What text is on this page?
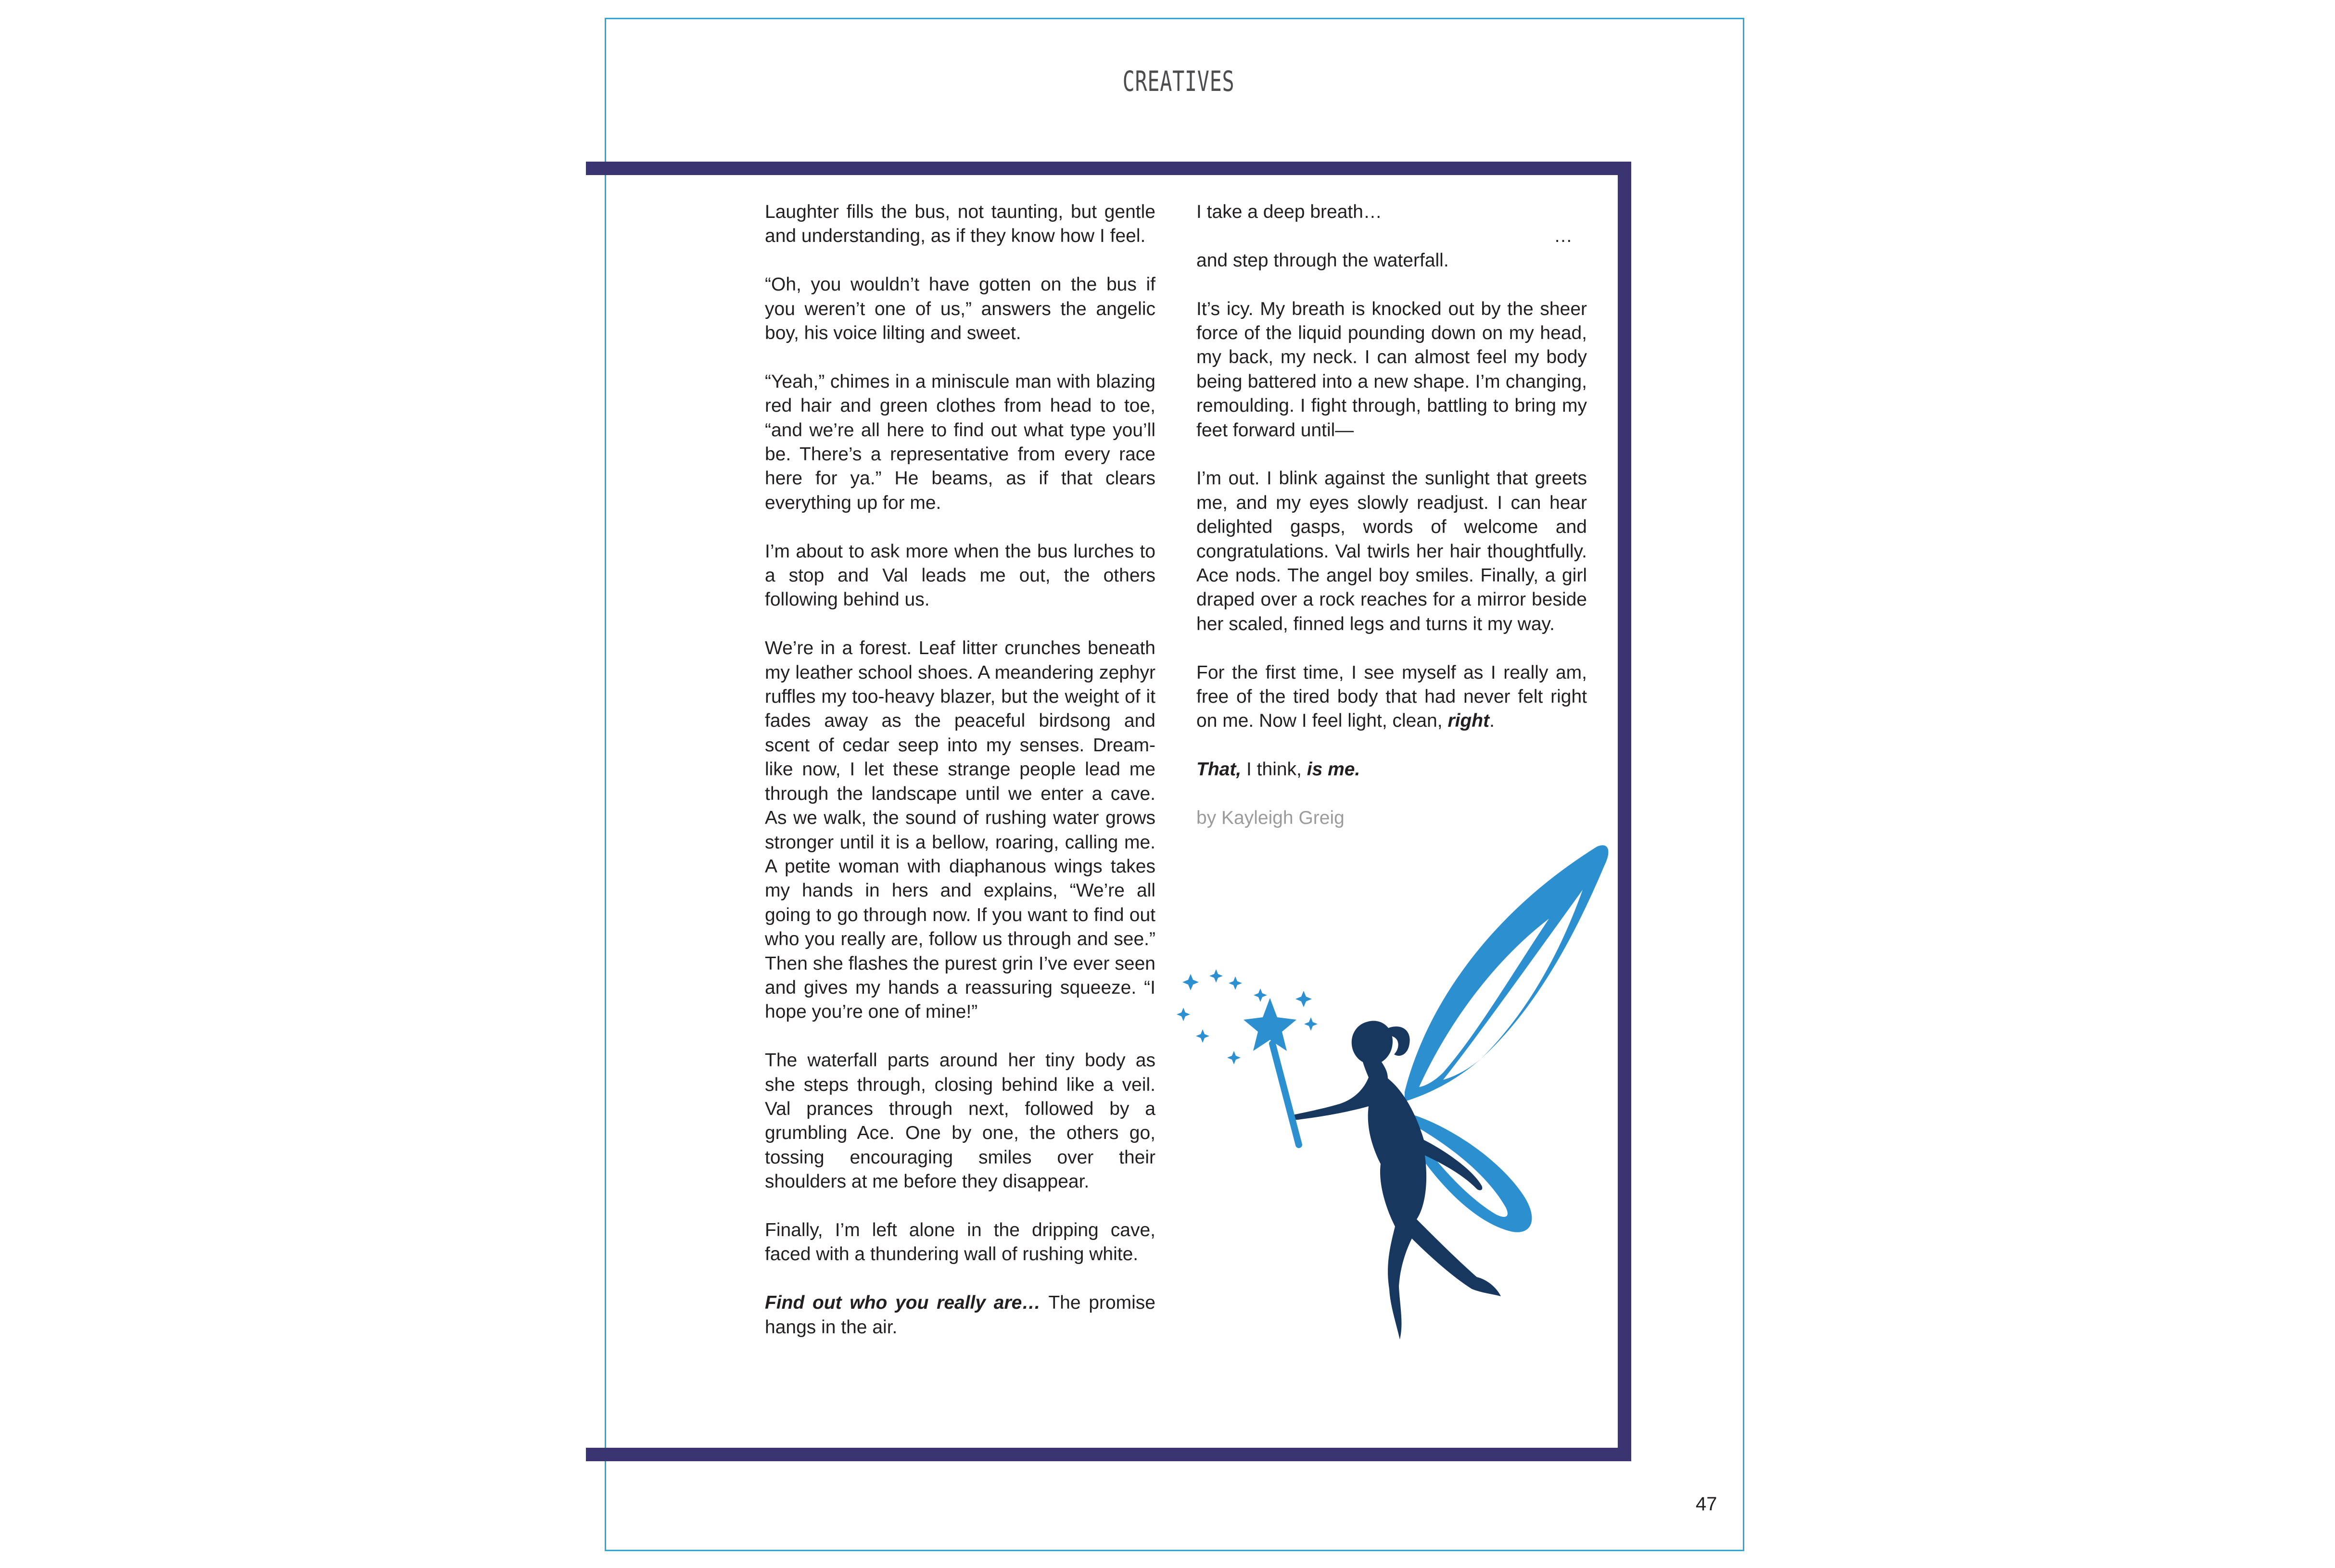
CREATIVES

Laughter fills the bus, not taunting, but gentle and understanding, as if they know how I feel.

“Oh, you wouldn’t have gotten on the bus if you weren’t one of us,” answers the angelic boy, his voice lilting and sweet.

“Yeah,” chimes in a miniscule man with blazing red hair and green clothes from head to toe, “and we’re all here to find out what type you’ll be. There’s a representative from every race here for ya.” He beams, as if that clears everything up for me.

I’m about to ask more when the bus lurches to a stop and Val leads me out, the others following behind us.

We’re in a forest. Leaf litter crunches beneath my leather school shoes. A meandering zephyr ruffles my too-heavy blazer, but the weight of it fades away as the peaceful birdsong and scent of cedar seep into my senses. Dream-like now, I let these strange people lead me through the landscape until we enter a cave. As we walk, the sound of rushing water grows stronger until it is a bellow, roaring, calling me. A petite woman with diaphanous wings takes my hands in hers and explains, “We’re all going to go through now. If you want to find out who you really are, follow us through and see.” Then she flashes the purest grin I’ve ever seen and gives my hands a reassuring squeeze. “I hope you’re one of mine!”

The waterfall parts around her tiny body as she steps through, closing behind like a veil. Val prances through next, followed by a grumbling Ace. One by one, the others go, tossing encouraging smiles over their shoulders at me before they disappear.

Finally, I’m left alone in the dripping cave, faced with a thundering wall of rushing white.

Find out who you really are… The promise hangs in the air.

I take a deep breath…

…

and step through the waterfall.

It’s icy. My breath is knocked out by the sheer force of the liquid pounding down on my head, my back, my neck. I can almost feel my body being battered into a new shape. I’m changing, remoulding. I fight through, battling to bring my feet forward until—

I’m out. I blink against the sunlight that greets me, and my eyes slowly readjust. I can hear delighted gasps, words of welcome and congratulations. Val twirls her hair thoughtfully. Ace nods. The angel boy smiles. Finally, a girl draped over a rock reaches for a mirror beside her scaled, finned legs and turns it my way.

For the first time, I see myself as I really am, free of the tired body that had never felt right on me. Now I feel light, clean, right.

That, I think, is me.

by Kayleigh Greig

47
